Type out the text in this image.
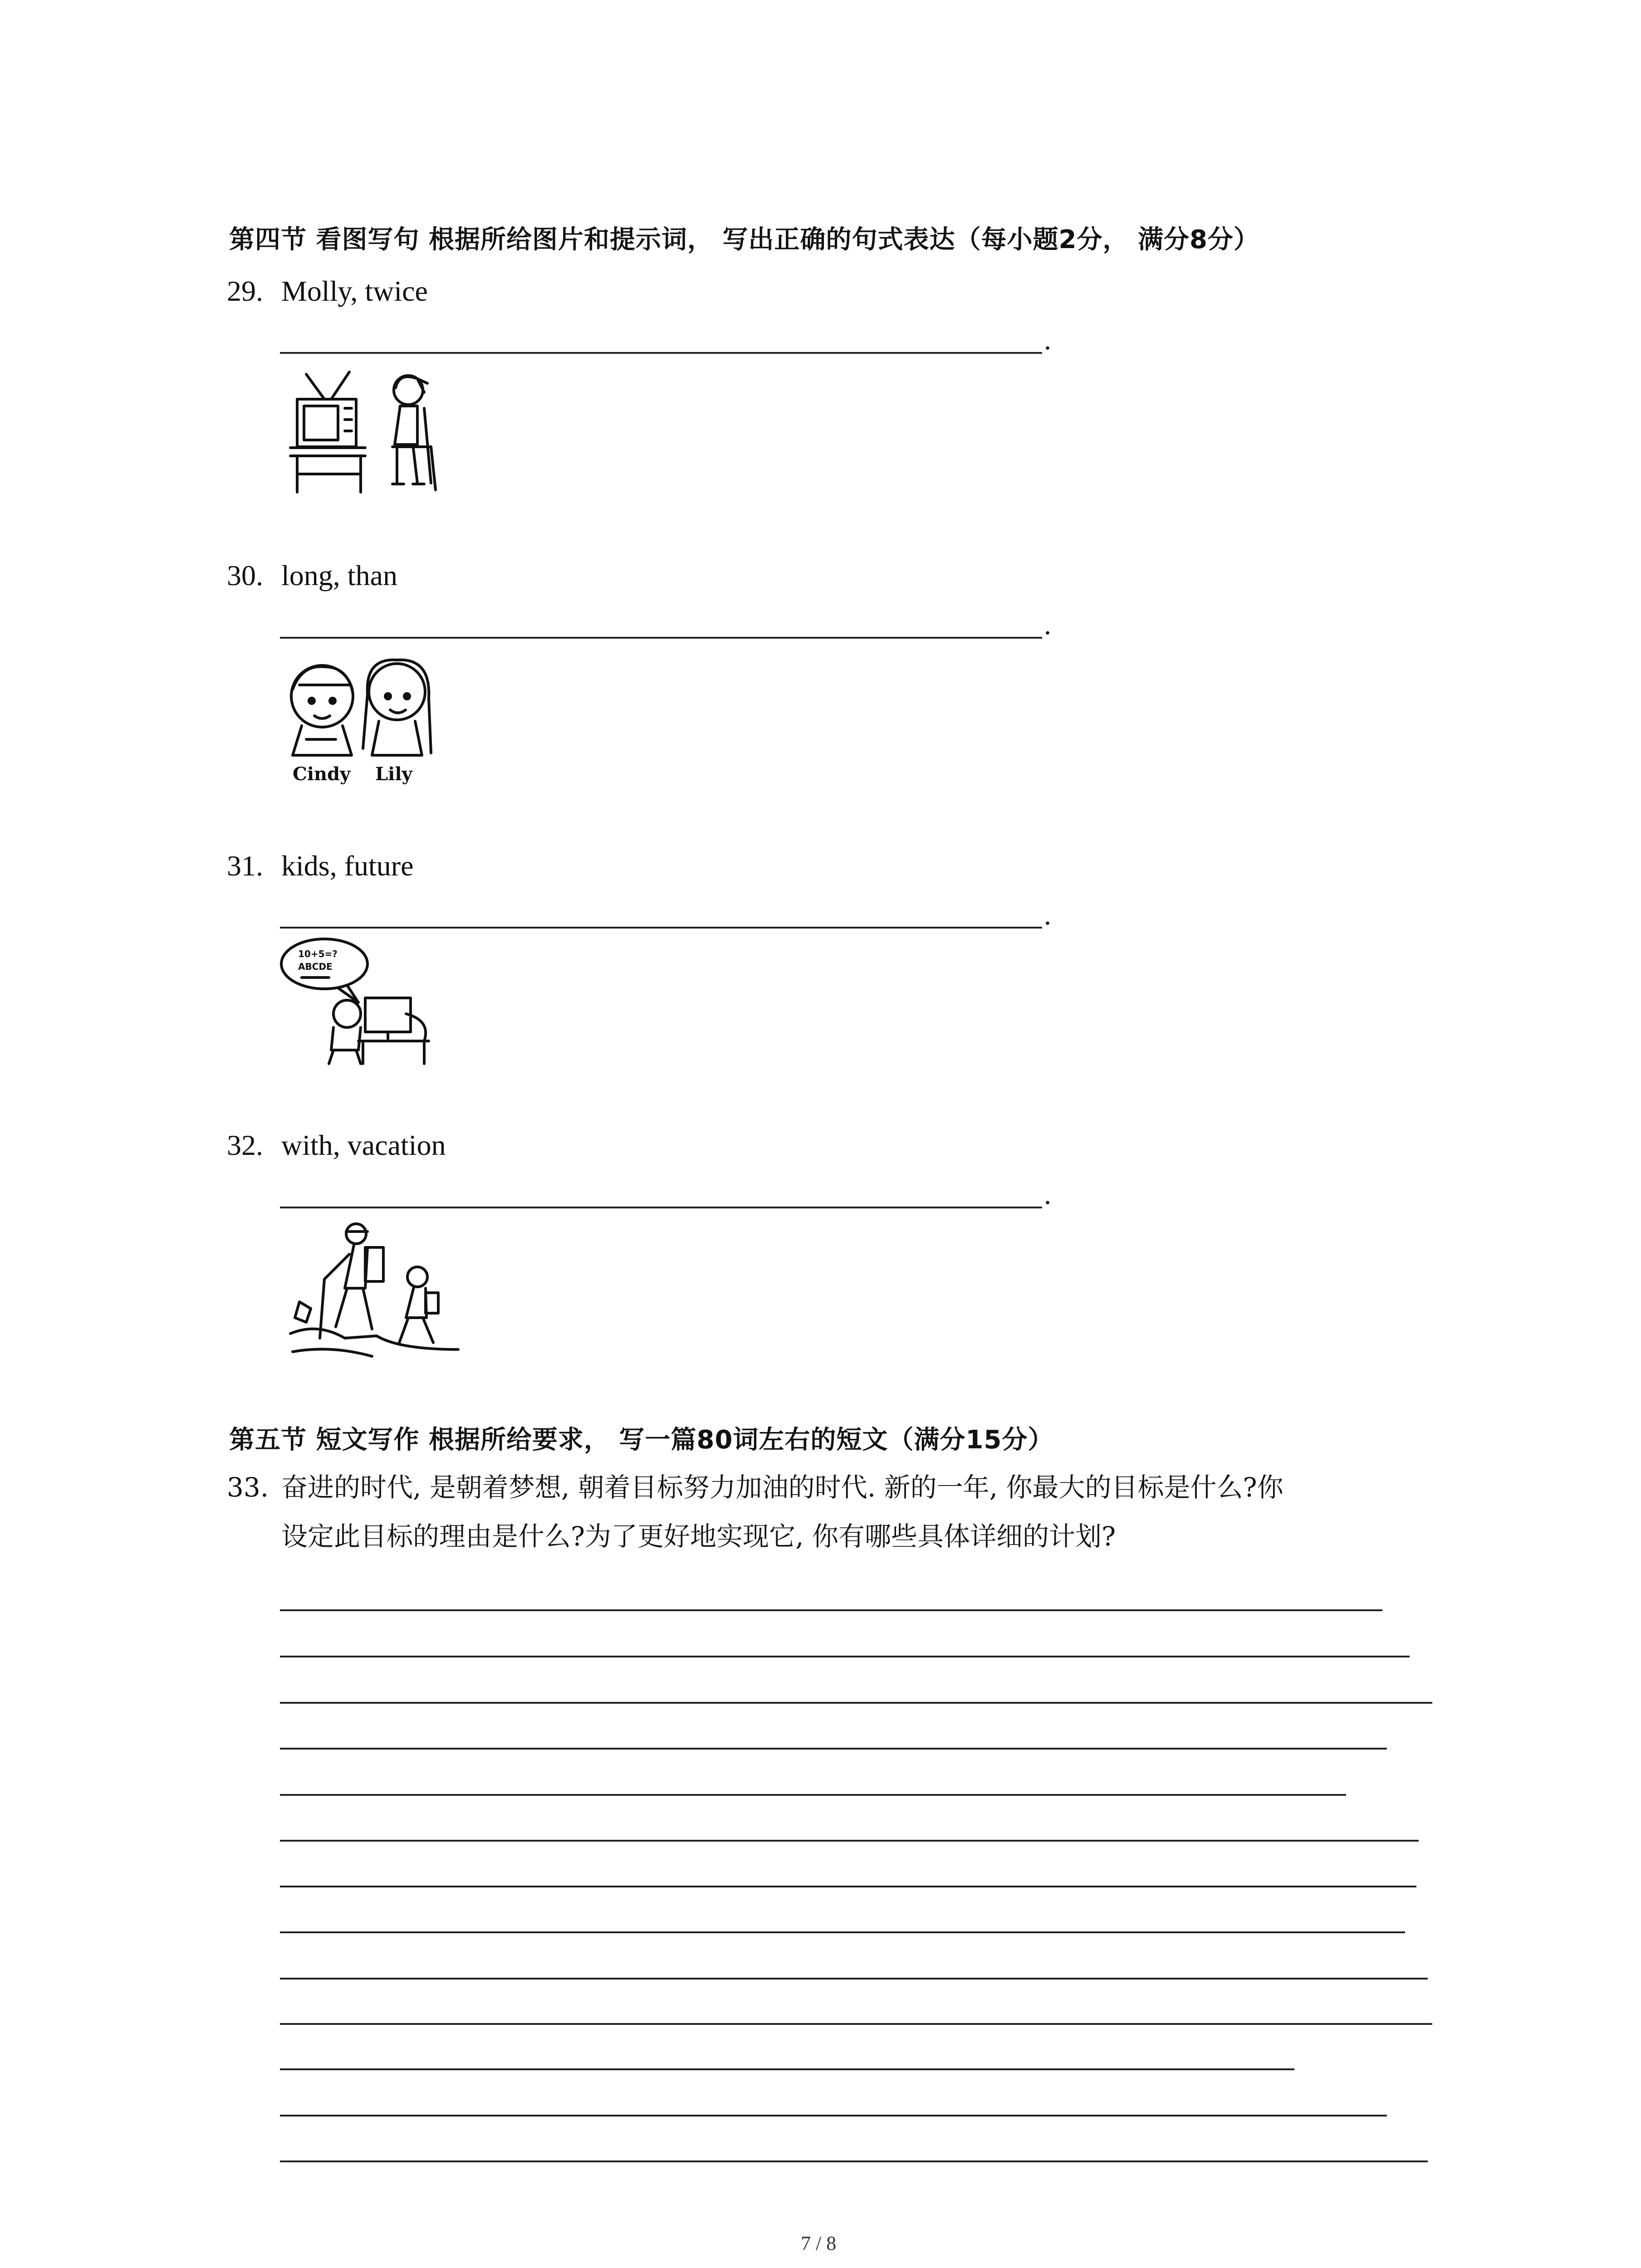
第四节 看图写句 根据所给图片和提示词， 写出正确的句式表达（每小题2分， 满分8分）
29. Molly, twice
.
30. long, than
.
Cindy Lily
31. kids, future
.
10+5=?
ABCDE
32. with, vacation
.
第五节 短文写作 根据所给要求， 写一篇80词左右的短文（满分15分）
33. 奋进的时代, 是朝着梦想, 朝着目标努力加油的时代. 新的一年, 你最大的目标是什么?你
设定此目标的理由是什么?为了更好地实现它, 你有哪些具体详细的计划?
7 / 8
